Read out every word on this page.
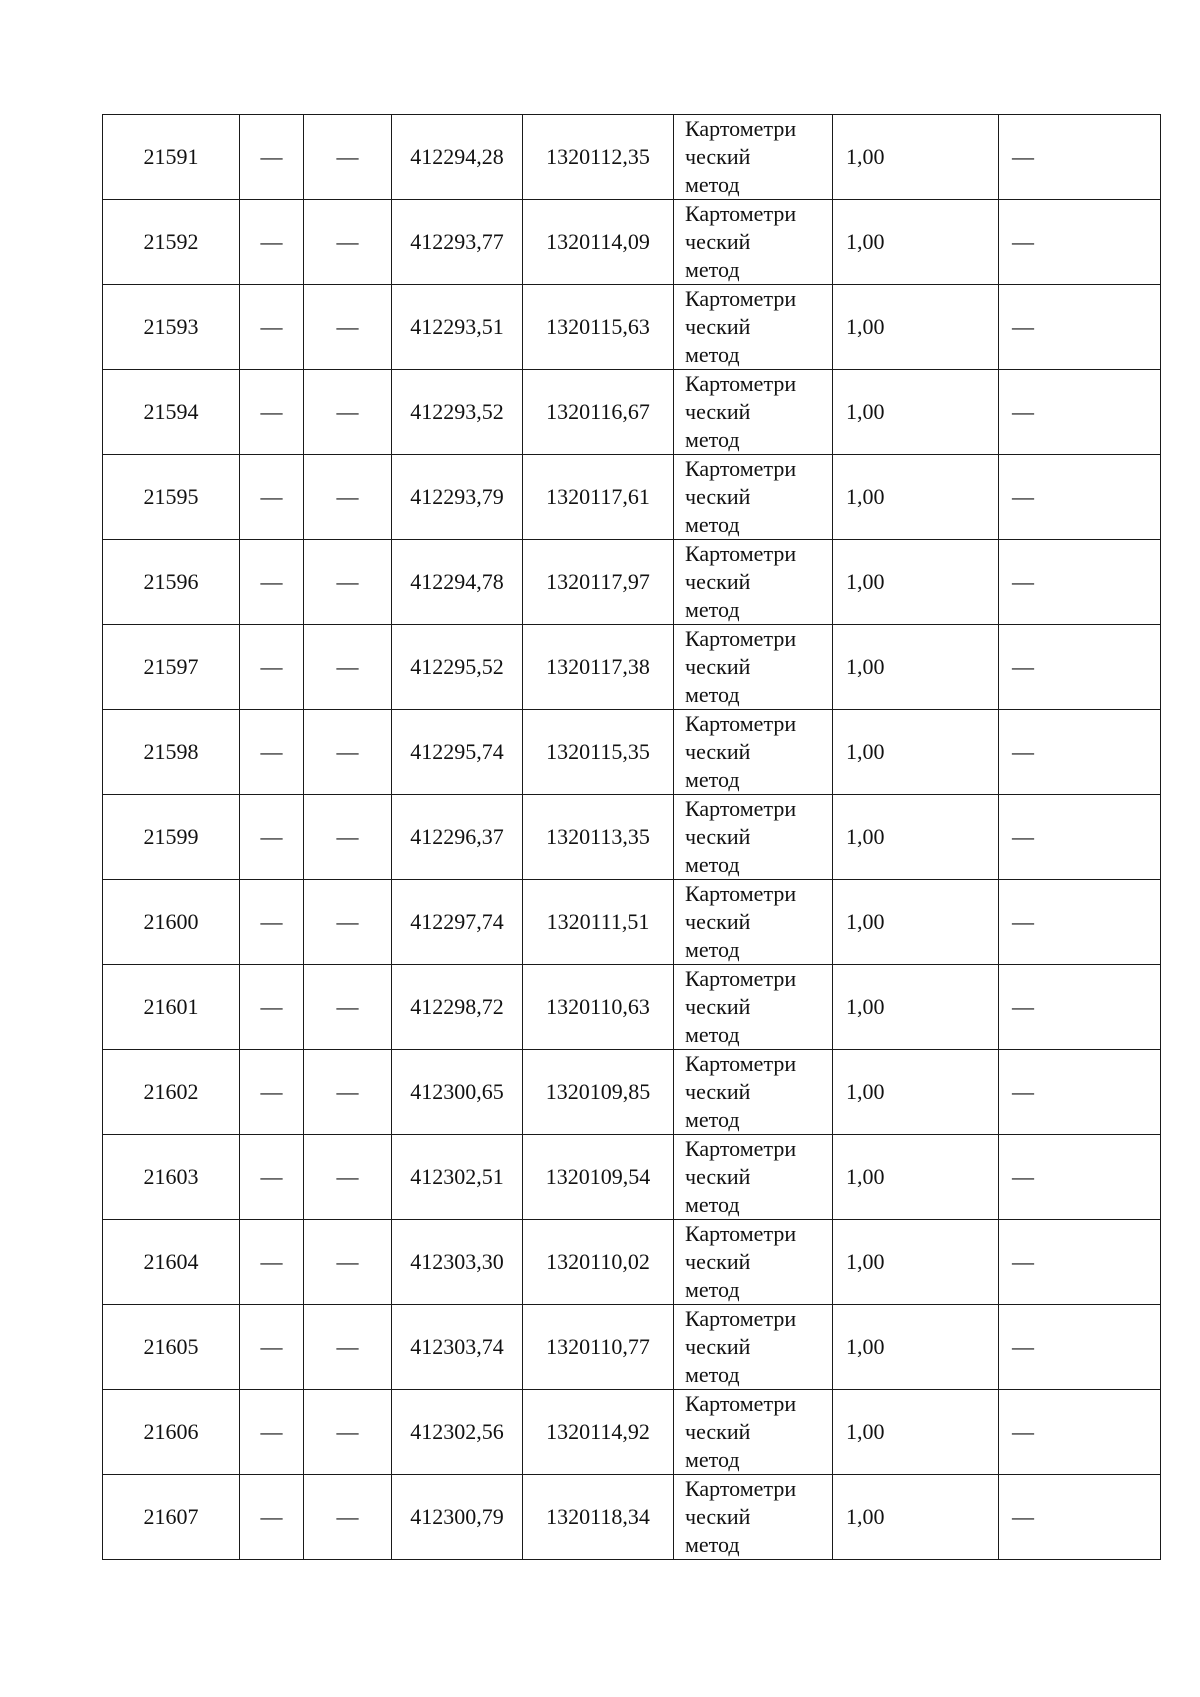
21591	—	—	412294,28	1320112,35	Картометри
ческий
метод	1,00	—
21592	—	—	412293,77	1320114,09	Картометри
ческий
метод	1,00	—
21593	—	—	412293,51	1320115,63	Картометри
ческий
метод	1,00	—
21594	—	—	412293,52	1320116,67	Картометри
ческий
метод	1,00	—
21595	—	—	412293,79	1320117,61	Картометри
ческий
метод	1,00	—
21596	—	—	412294,78	1320117,97	Картометри
ческий
метод	1,00	—
21597	—	—	412295,52	1320117,38	Картометри
ческий
метод	1,00	—
21598	—	—	412295,74	1320115,35	Картометри
ческий
метод	1,00	—
21599	—	—	412296,37	1320113,35	Картометри
ческий
метод	1,00	—
21600	—	—	412297,74	1320111,51	Картометри
ческий
метод	1,00	—
21601	—	—	412298,72	1320110,63	Картометри
ческий
метод	1,00	—
21602	—	—	412300,65	1320109,85	Картометри
ческий
метод	1,00	—
21603	—	—	412302,51	1320109,54	Картометри
ческий
метод	1,00	—
21604	—	—	412303,30	1320110,02	Картометри
ческий
метод	1,00	—
21605	—	—	412303,74	1320110,77	Картометри
ческий
метод	1,00	—
21606	—	—	412302,56	1320114,92	Картометри
ческий
метод	1,00	—
21607	—	—	412300,79	1320118,34	Картометри
ческий
метод	1,00	—
